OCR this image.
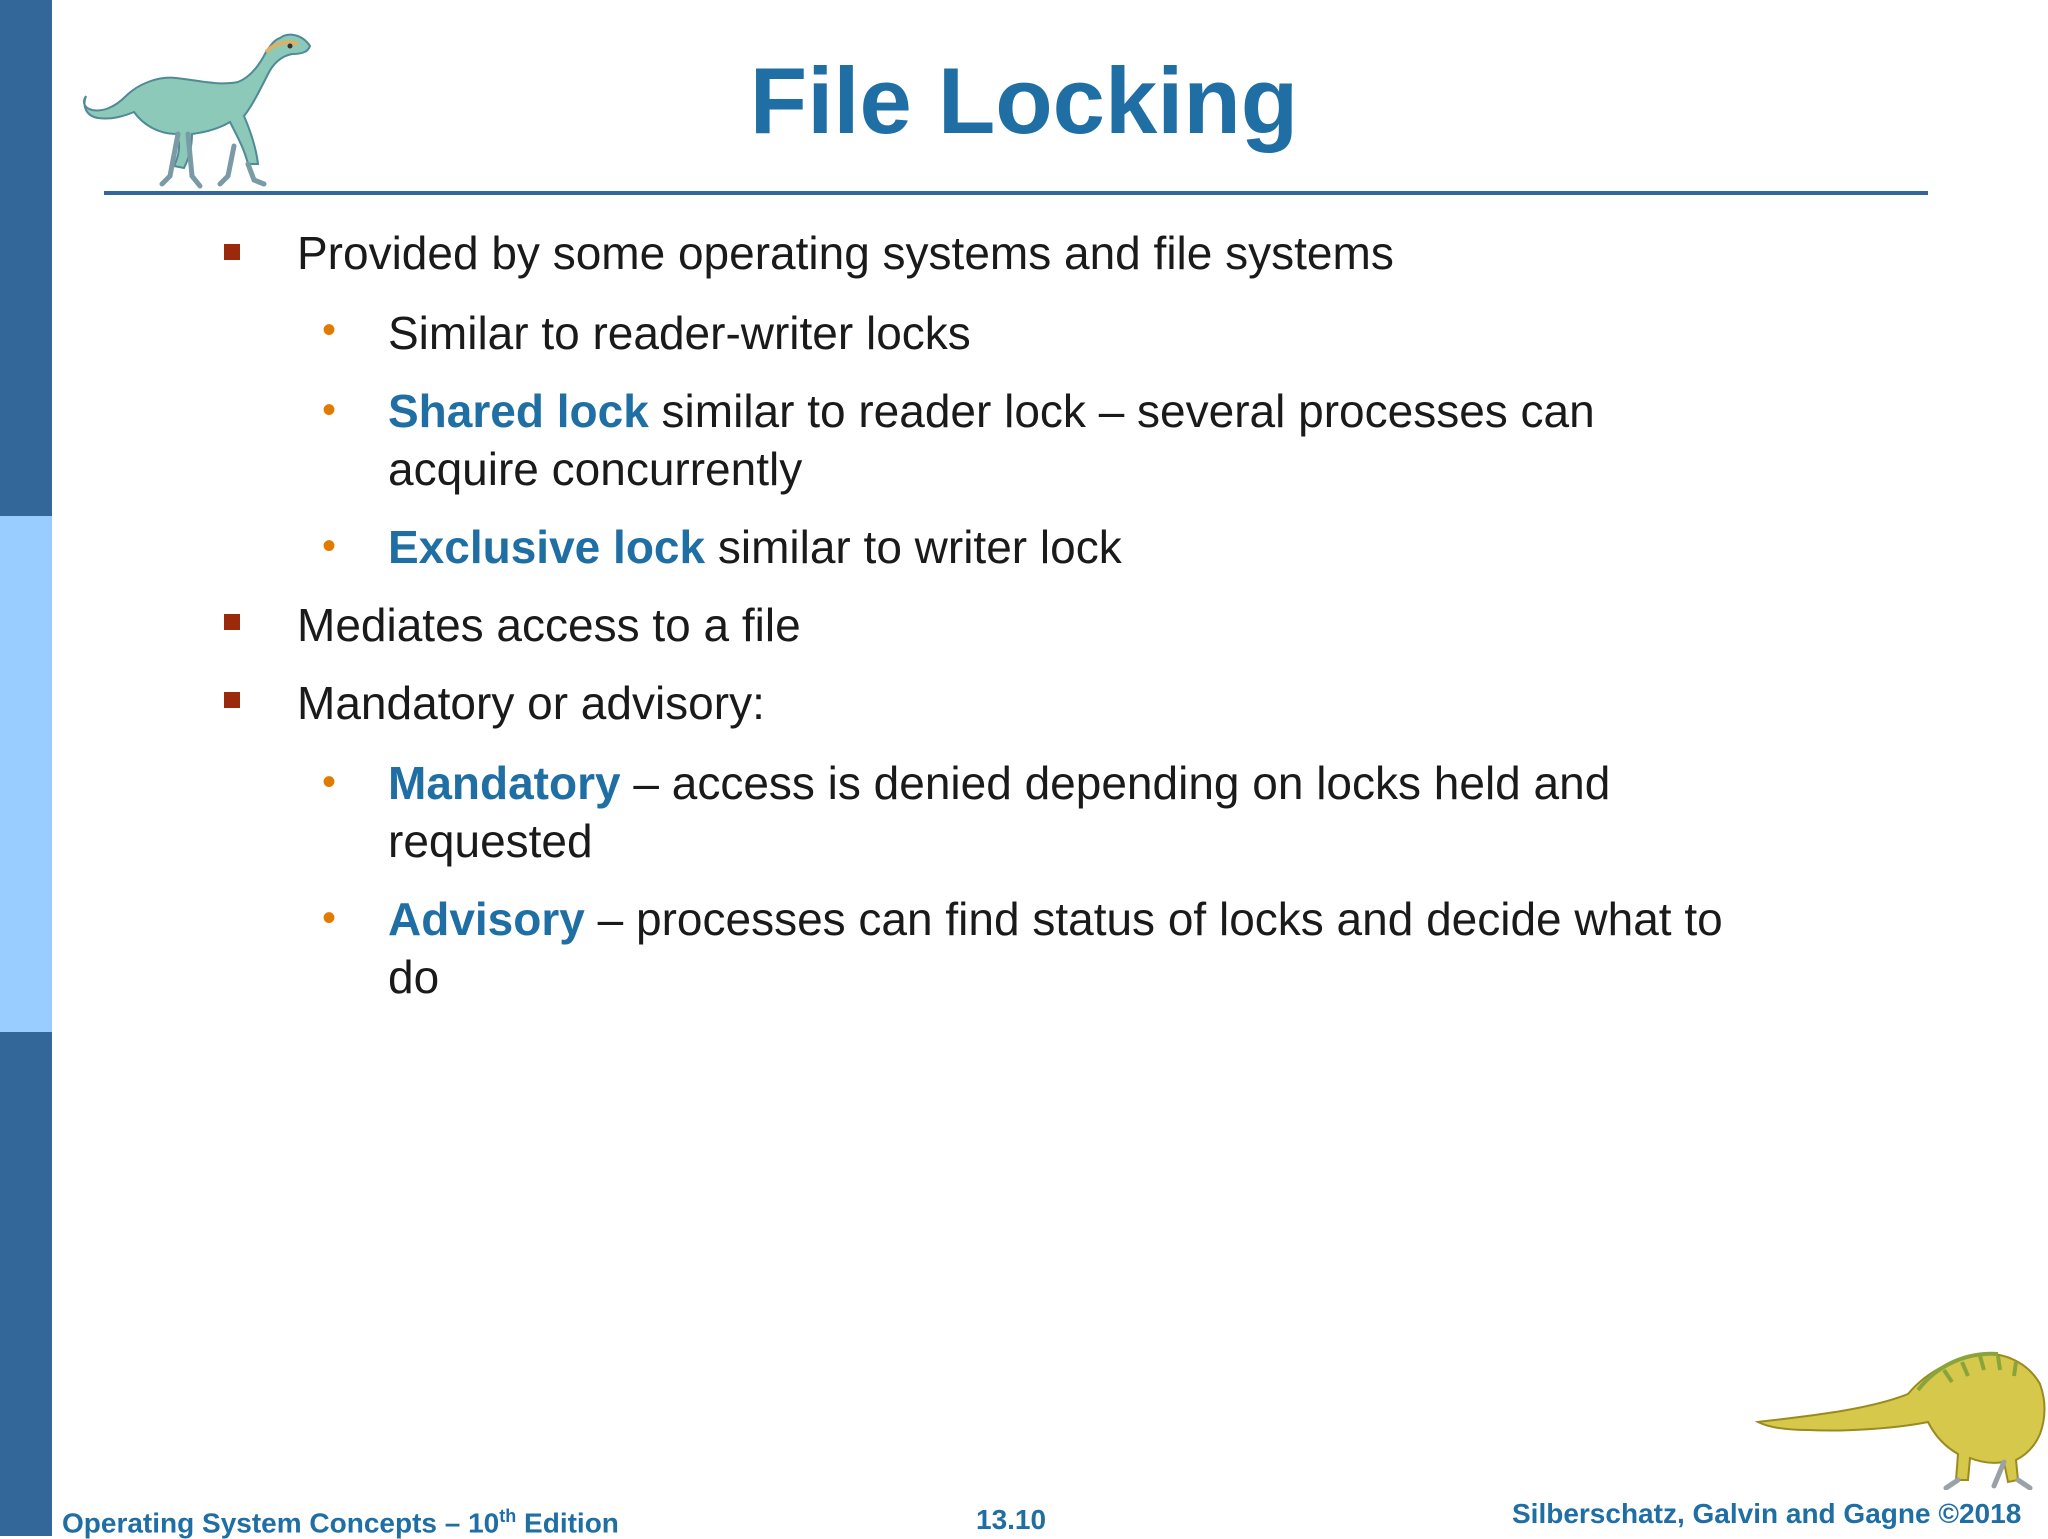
File Locking
Provided by some operating systems and file systems
• Similar to reader-writer locks
• Shared lock similar to reader lock – several processes can
acquire concurrently
• Exclusive lock similar to writer lock
Mediates access to a file
Mandatory or advisory:
• Mandatory – access is denied depending on locks held and
requested
• Advisory – processes can find status of locks and decide what to
do
Operating System Concepts – 10th Edition	13.10	Silberschatz, Galvin and Gagne ©2018
